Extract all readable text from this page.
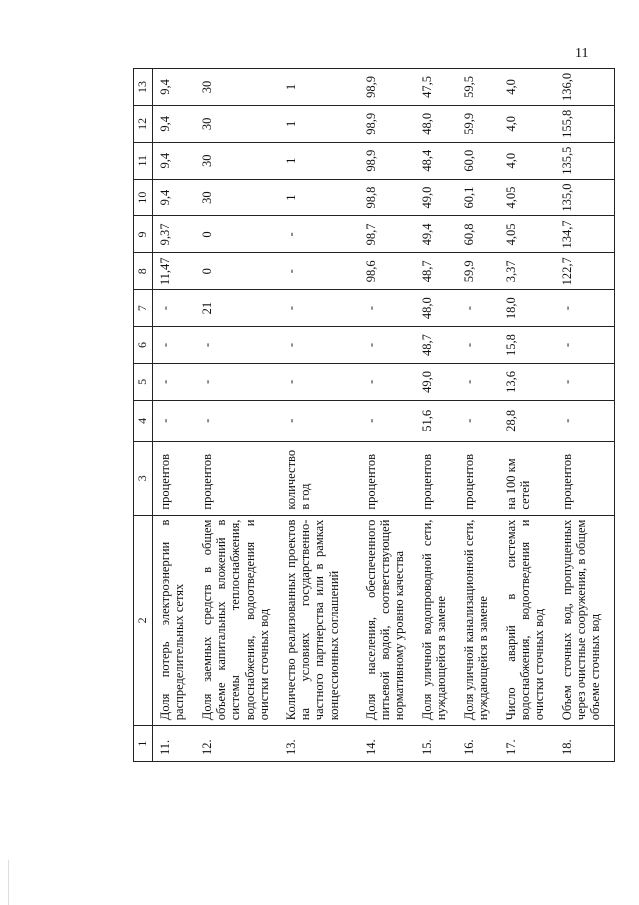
11
1	2	3	4	5	6	7	8	9	10	11	12	13
11.	Доля потерь электроэнергии в распределительных сетях	процентов	-	-	-	-	11,47	9,37	9,4	9,4	9,4	9,4
12.	Доля заемных средств в общем объеме капитальных вложений в системы теплоснабжения, водоснабжения, водоотведения и очистки сточных вод	процентов	-	-	-	21	0	0	30	30	30	30
13.	Количество реализованных проектов на условиях государственно-частного партнерства или в рамках концессионных соглашений	количество в год	-	-	-	-	-	-	1	1	1	1
14.	Доля населения, обеспеченного питьевой водой, соответствующей нормативному уровню качества	процентов	-	-	-	-	98,6	98,7	98,8	98,9	98,9	98,9
15.	Доля уличной водопроводной сети, нуждающейся в замене	процентов	51,6	49,0	48,7	48,0	48,7	49,4	49,0	48,4	48,0	47,5
16.	Доля уличной канализационной сети, нуждающейся в замене	процентов	-	-	-	-	59,9	60,8	60,1	60,0	59,9	59,5
17.	Число аварий в системах водоснабжения, водоотведения и очистки сточных вод	на 100 км сетей	28,8	13,6	15,8	18,0	3,37	4,05	4,05	4,0	4,0	4,0
18.	Объем сточных вод, пропущенных через очистные сооружения, в общем объеме сточных вод	процентов	-	-	-	-	122,7	134,7	135,0	135,5	155,8	136,0
